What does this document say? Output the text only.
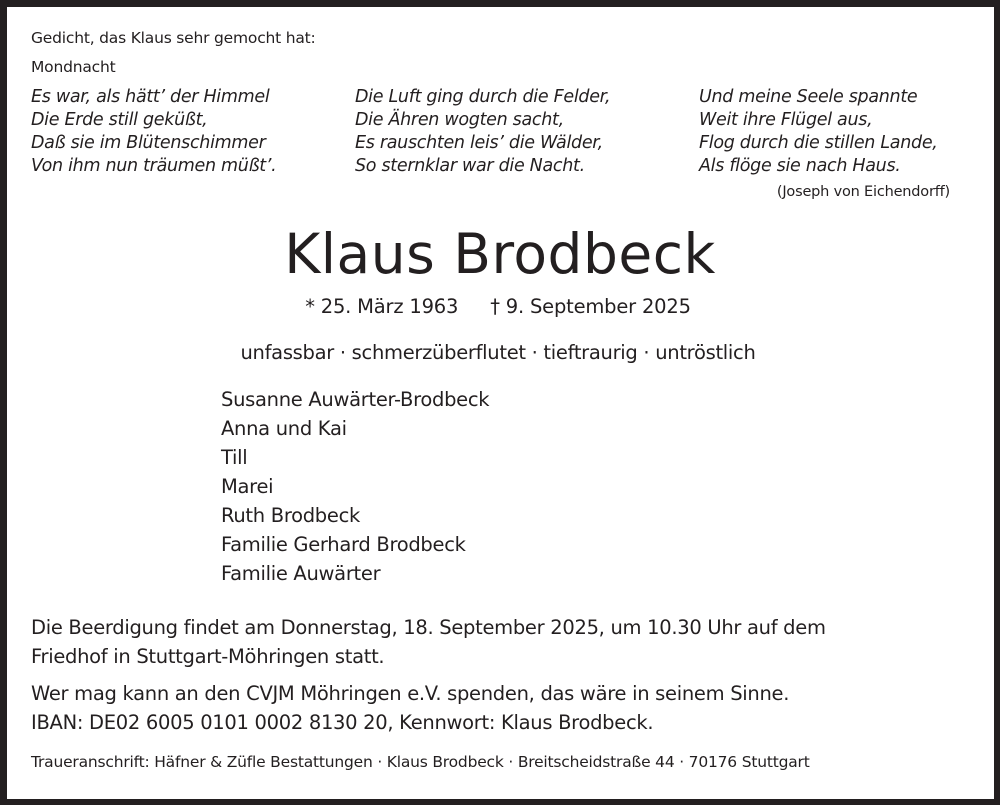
Gedicht, das Klaus sehr gemocht hat:
Mondnacht
Es war, als hätt’ der Himmel
Die Erde still geküßt,
Daß sie im Blütenschimmer
Von ihm nun träumen müßt’.
Die Luft ging durch die Felder,
Die Ähren wogten sacht,
Es rauschten leis’ die Wälder,
So sternklar war die Nacht.
Und meine Seele spannte
Weit ihre Flügel aus,
Flog durch die stillen Lande,
Als flöge sie nach Haus.
(Joseph von Eichendorff)
Klaus Brodbeck
* 25. März 1963 † 9. September 2025
unfassbar · schmerzüberflutet · tieftraurig · untröstlich
Susanne Auwärter-Brodbeck
Anna und Kai
Till
Marei
Ruth Brodbeck
Familie Gerhard Brodbeck
Familie Auwärter
Die Beerdigung findet am Donnerstag, 18. September 2025, um 10.30 Uhr auf dem
Friedhof in Stuttgart-Möhringen statt.
Wer mag kann an den CVJM Möhringen e.V. spenden, das wäre in seinem Sinne.
IBAN: DE02 6005 0101 0002 8130 20, Kennwort: Klaus Brodbeck.
Traueranschrift: Häfner & Züfle Bestattungen · Klaus Brodbeck · Breitscheidstraße 44 · 70176 Stuttgart
